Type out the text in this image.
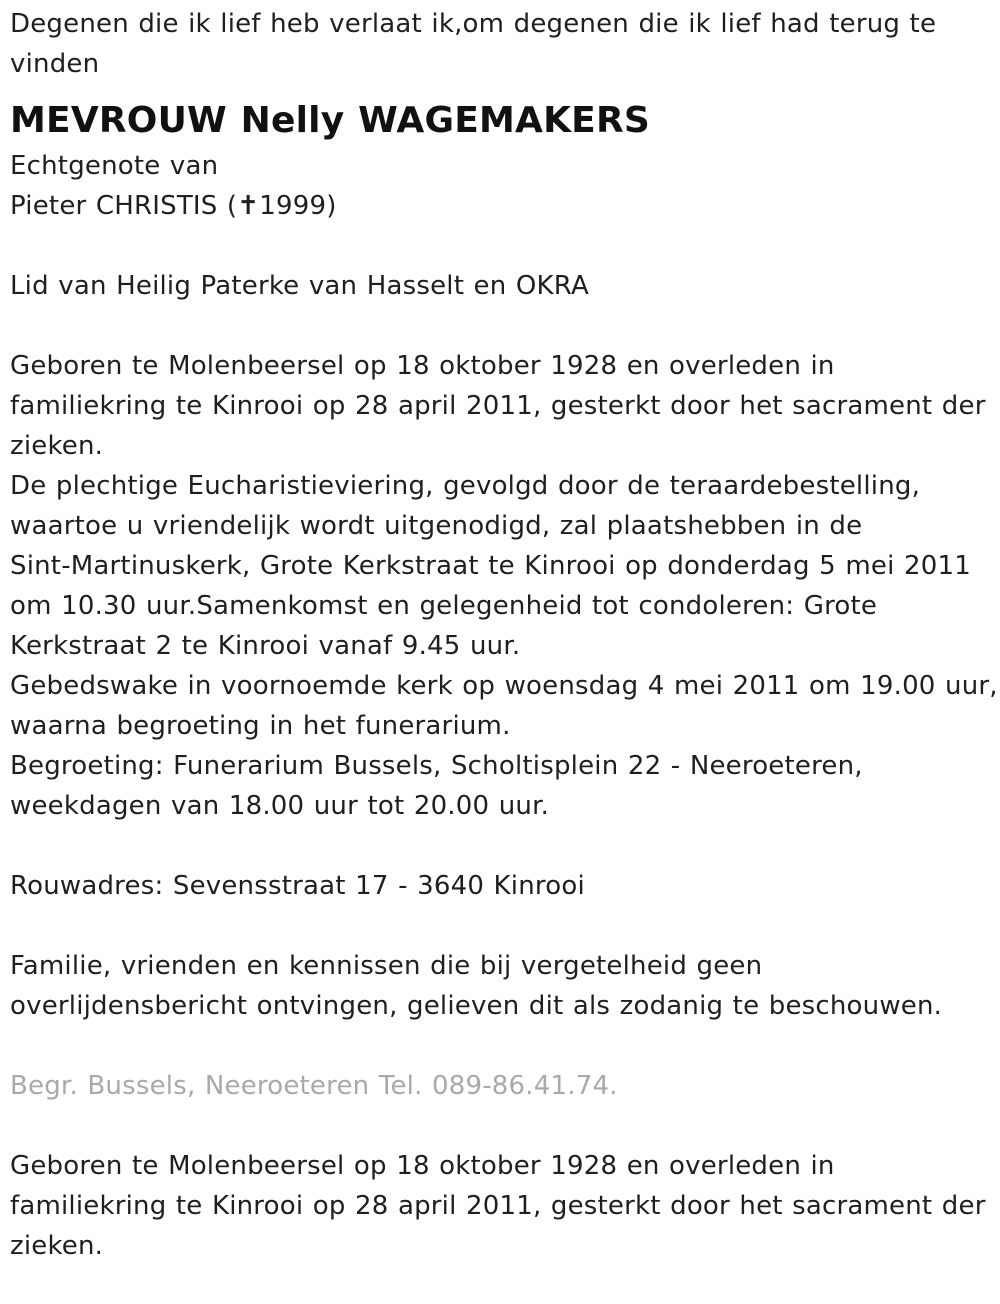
Degenen die ik lief heb verlaat ik,om degenen die ik lief had terug te
vinden
MEVROUW Nelly WAGEMAKERS
Echtgenote van
Pieter CHRISTIS (✝1999)
Lid van Heilig Paterke van Hasselt en OKRA
Geboren te Molenbeersel op 18 oktober 1928 en overleden in
familiekring te Kinrooi op 28 april 2011, gesterkt door het sacrament der
zieken.
De plechtige Eucharistieviering, gevolgd door de teraardebestelling,
waartoe u vriendelijk wordt uitgenodigd, zal plaatshebben in de
Sint-Martinuskerk, Grote Kerkstraat te Kinrooi op donderdag 5 mei 2011
om 10.30 uur.Samenkomst en gelegenheid tot condoleren: Grote
Kerkstraat 2 te Kinrooi vanaf 9.45 uur.
Gebedswake in voornoemde kerk op woensdag 4 mei 2011 om 19.00 uur,
waarna begroeting in het funerarium.
Begroeting: Funerarium Bussels, Scholtisplein 22 - Neeroeteren,
weekdagen van 18.00 uur tot 20.00 uur.
Rouwadres: Sevensstraat 17 - 3640 Kinrooi
Familie, vrienden en kennissen die bij vergetelheid geen
overlijdensbericht ontvingen, gelieven dit als zodanig te beschouwen.
Begr. Bussels, Neeroeteren Tel. 089-86.41.74.
Geboren te Molenbeersel op 18 oktober 1928 en overleden in
familiekring te Kinrooi op 28 april 2011, gesterkt door het sacrament der
zieken.
